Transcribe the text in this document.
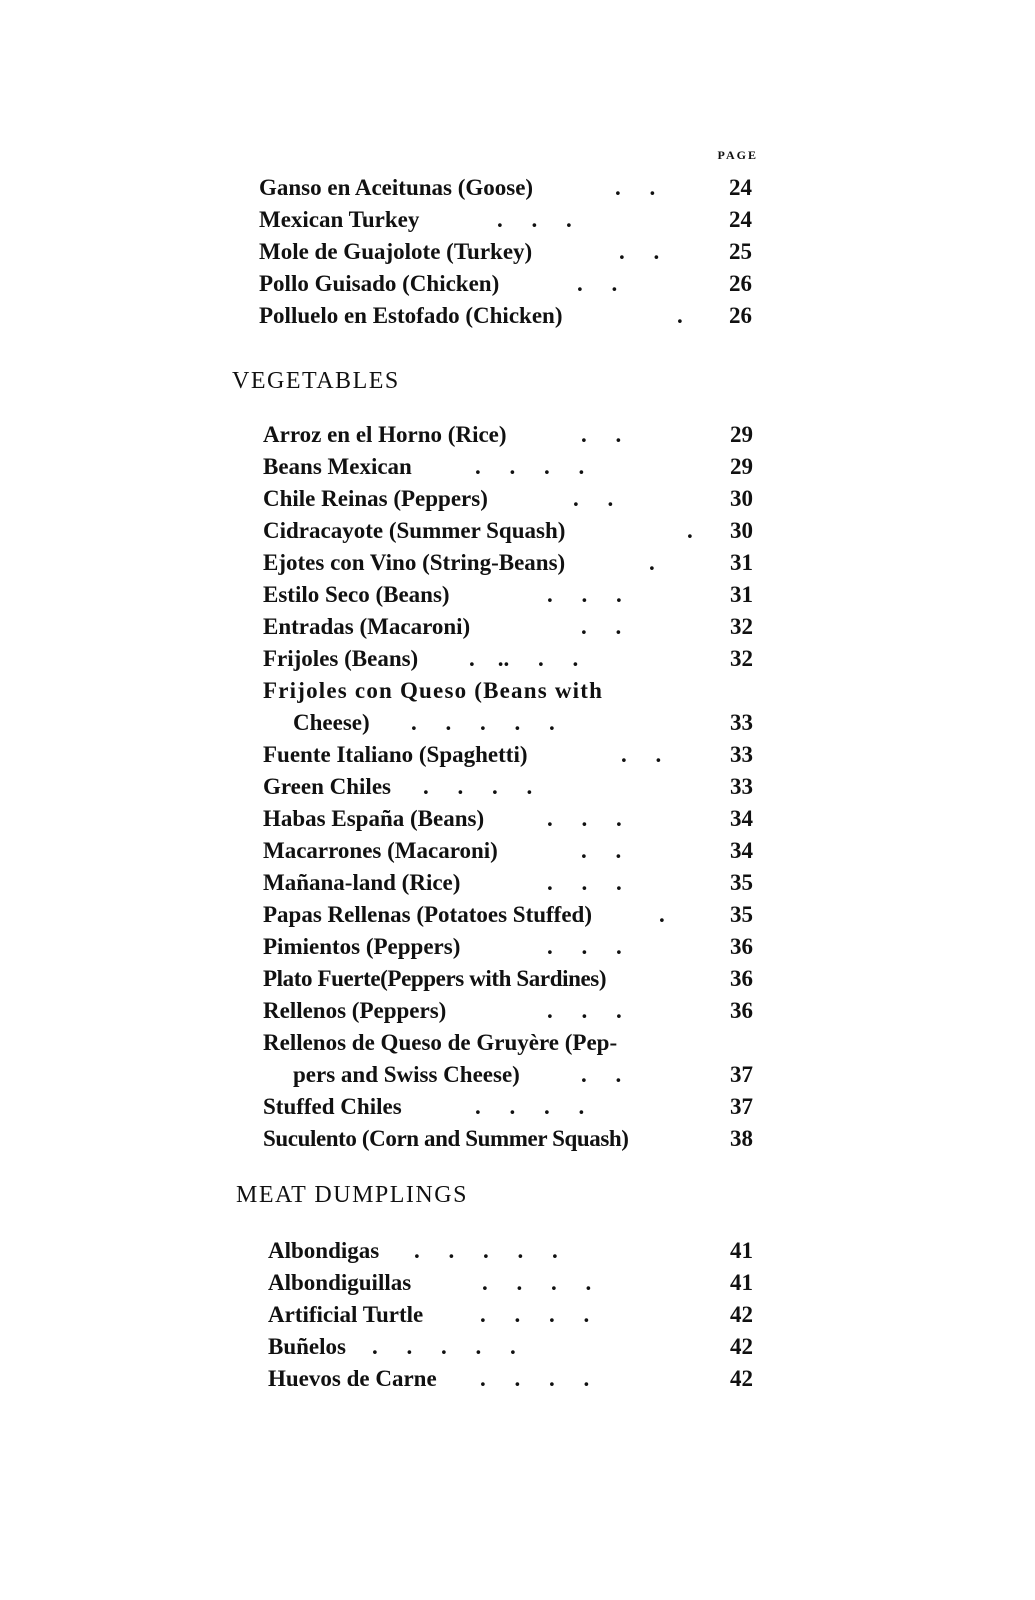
PAGE
Ganso en Aceitunas (Goose)	.     .	24
Mexican Turkey	.     .     .	24
Mole de Guajolote (Turkey)	.     .	25
Pollo Guisado (Chicken)	.     .	26
Polluelo en Estofado (Chicken)	.	26
VEGETABLES
Arroz en el Horno (Rice)	.     .	29
Beans Mexican	.     .     .     .	29
Chile Reinas (Peppers)	.     .	30
Cidracayote (Summer Squash)	.	30
Ejotes con Vino (String-Beans)	.	31
Estilo Seco (Beans)	.     .     .	31
Entradas (Macaroni)	.     .	32
Frijoles (Beans) .    ..     .     .	32
Frijoles con Queso (Beans with
Cheese) .     .     .     .     .	33
Fuente Italiano (Spaghetti)	.     .	33
Green Chiles .     .     .     .	33
Habas España (Beans)	.     .     .	34
Macarrones (Macaroni)	.     .	34
Mañana-land (Rice)	.     .     .	35
Papas Rellenas (Potatoes Stuffed)	.	35
Pimientos (Peppers)	.     .     .	36
Plato Fuerte(Peppers with Sardines)	36
Rellenos (Peppers)	.     .     .	36
Rellenos de Queso de Gruyère (Pep-
pers and Swiss Cheese)	.     .	37
Stuffed Chiles	.     .     .     .	37
Suculento (Corn and Summer Squash)	38
MEAT DUMPLINGS
Albondigas .     .     .     .     .	41
Albondiguillas	.     .     .     .	41
Artificial Turtle .     .     .     .	42
Buñelos .     .     .     .     .	42
Huevos de Carne .     .     .     .	42
